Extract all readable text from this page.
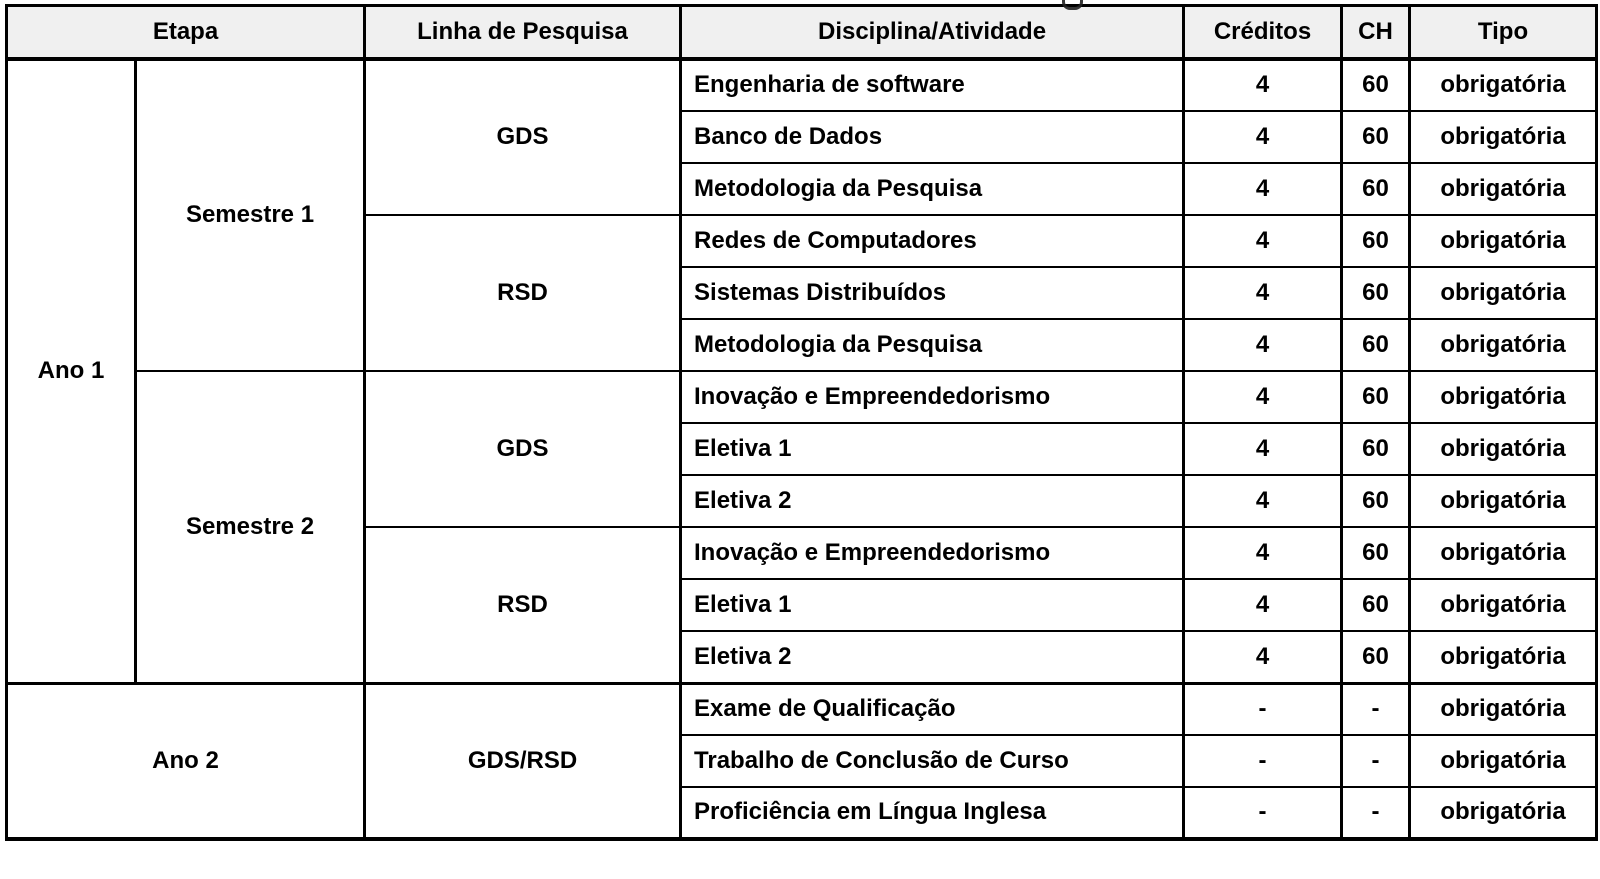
Etapa		Linha de Pesquisa	Disciplina/Atividade	Créditos	CH	Tipo
Ano 1	Semestre 1	GDS	Engenharia de software	4	60	obrigatória
			Banco de Dados	4	60	obrigatória
			Metodologia da Pesquisa	4	60	obrigatória
		RSD	Redes de Computadores	4	60	obrigatória
			Sistemas Distribuídos	4	60	obrigatória
			Metodologia da Pesquisa	4	60	obrigatória
	Semestre 2	GDS	Inovação e Empreendedorismo	4	60	obrigatória
			Eletiva 1	4	60	obrigatória
			Eletiva 2	4	60	obrigatória
		RSD	Inovação e Empreendedorismo	4	60	obrigatória
			Eletiva 1	4	60	obrigatória
			Eletiva 2	4	60	obrigatória
Ano 2		GDS/RSD	Exame de Qualificação	-	-	obrigatória
			Trabalho de Conclusão de Curso	-	-	obrigatória
			Proficiência em Língua Inglesa	-	-	obrigatória
